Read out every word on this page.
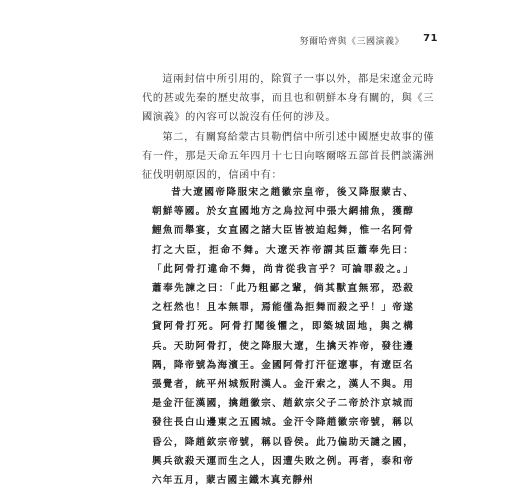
努爾哈齊與《三國演義》 71

這兩封信中所引用的，除質子一事以外，都是宋遼金元時代的甚或先秦的歷史故事，而且也和朝鮮本身有關的，與《三國演義》的內容可以說沒有任何的涉及。

第二，有關寫給蒙古貝勒們信中所引述中國歷史故事的僅有一件，那是天命五年四月十七日向喀爾喀五部首長們談滿洲征伐明朝原因的，信函中有：

昔大遼國帝降服宋之趙徽宗皇帝，後又降服蒙古、朝鮮等國。於女直國地方之烏拉河中張大網捕魚，獲醇鯉魚而舉宴，女直國之諸大臣皆被迫起舞，惟一名阿骨打之大臣，拒命不舞。大遼天祚帝謂其臣蕭奉先曰：「此阿骨打違命不舞，尚肯從我言乎？可論罪殺之。」蕭奉先諫之曰：「此乃粗鄙之輩，倘其獸直無邪，恐殺之枉然也！且本無罪，焉能僅為拒舞而殺之乎！」帝遂貸阿骨打死。阿骨打聞後懼之，即築城固地，與之構兵。天助阿骨打，使之降服大遼，生擒天祚帝，發往邊隅，降帝號為海濱王。金國阿骨打汗征遼事，有遼臣名張覺者，統平州城叛附漢人。金汗索之，漢人不與。用是金汗征漢國，擒趙徽宗、趙欽宗父子二帝於汴京城而發往長白山邊東之五國城。金汗令降趙徽宗帝號，稱以昏公，降趙欽宗帝號，稱以昏侯。此乃偏助天譴之國，興兵欲殺天運而生之人，因遭失敗之例。再者，泰和帝六年五月，蒙古國主鐵木真充靜州
